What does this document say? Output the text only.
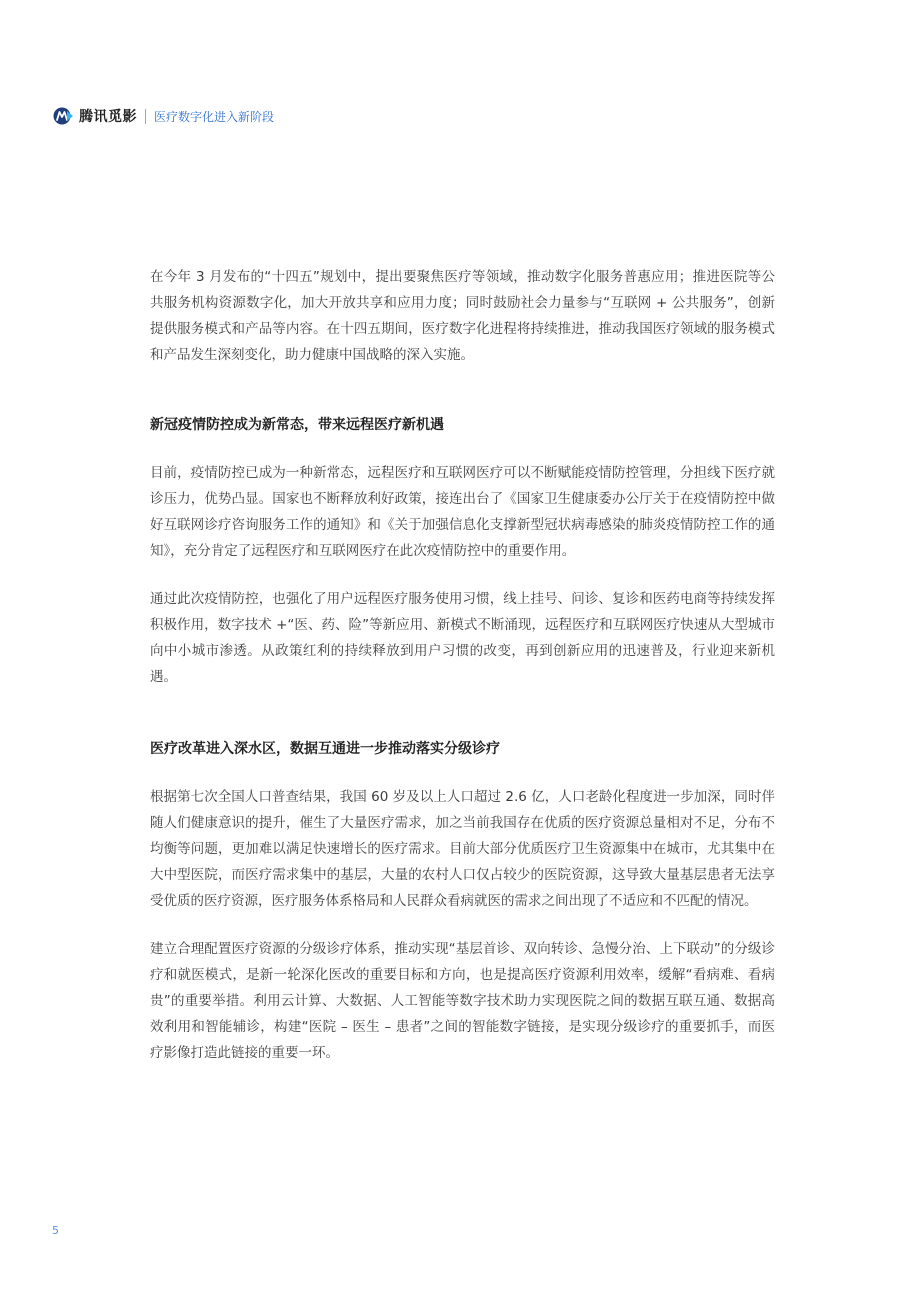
腾讯觅影 医疗数字化进入新阶段

在今年 3 月发布的“十四五”规划中，提出要聚焦医疗等领域，推动数字化服务普惠应用；推进医院等公共服务机构资源数字化，加大开放共享和应用力度；同时鼓励社会力量参与“互联网 + 公共服务”，创新提供服务模式和产品等内容。在十四五期间，医疗数字化进程将持续推进，推动我国医疗领域的服务模式和产品发生深刻变化，助力健康中国战略的深入实施。

新冠疫情防控成为新常态，带来远程医疗新机遇

目前，疫情防控已成为一种新常态，远程医疗和互联网医疗可以不断赋能疫情防控管理，分担线下医疗就诊压力，优势凸显。国家也不断释放利好政策，接连出台了《国家卫生健康委办公厅关于在疫情防控中做好互联网诊疗咨询服务工作的通知》和《关于加强信息化支撑新型冠状病毒感染的肺炎疫情防控工作的通知》，充分肯定了远程医疗和互联网医疗在此次疫情防控中的重要作用。

通过此次疫情防控，也强化了用户远程医疗服务使用习惯，线上挂号、问诊、复诊和医药电商等持续发挥积极作用，数字技术 +“医、药、险”等新应用、新模式不断涌现，远程医疗和互联网医疗快速从大型城市向中小城市渗透。从政策红利的持续释放到用户习惯的改变，再到创新应用的迅速普及，行业迎来新机遇。

医疗改革进入深水区，数据互通进一步推动落实分级诊疗

根据第七次全国人口普查结果，我国 60 岁及以上人口超过 2.6 亿，人口老龄化程度进一步加深，同时伴随人们健康意识的提升，催生了大量医疗需求，加之当前我国存在优质的医疗资源总量相对不足，分布不均衡等问题，更加难以满足快速增长的医疗需求。目前大部分优质医疗卫生资源集中在城市，尤其集中在大中型医院，而医疗需求集中的基层，大量的农村人口仅占较少的医院资源，这导致大量基层患者无法享受优质的医疗资源，医疗服务体系格局和人民群众看病就医的需求之间出现了不适应和不匹配的情况。

建立合理配置医疗资源的分级诊疗体系，推动实现“基层首诊、双向转诊、急慢分治、上下联动”的分级诊疗和就医模式，是新一轮深化医改的重要目标和方向，也是提高医疗资源利用效率，缓解“看病难、看病贵”的重要举措。利用云计算、大数据、人工智能等数字技术助力实现医院之间的数据互联互通、数据高效利用和智能辅诊，构建“医院 – 医生 – 患者”之间的智能数字链接，是实现分级诊疗的重要抓手，而医疗影像打造此链接的重要一环。

5
